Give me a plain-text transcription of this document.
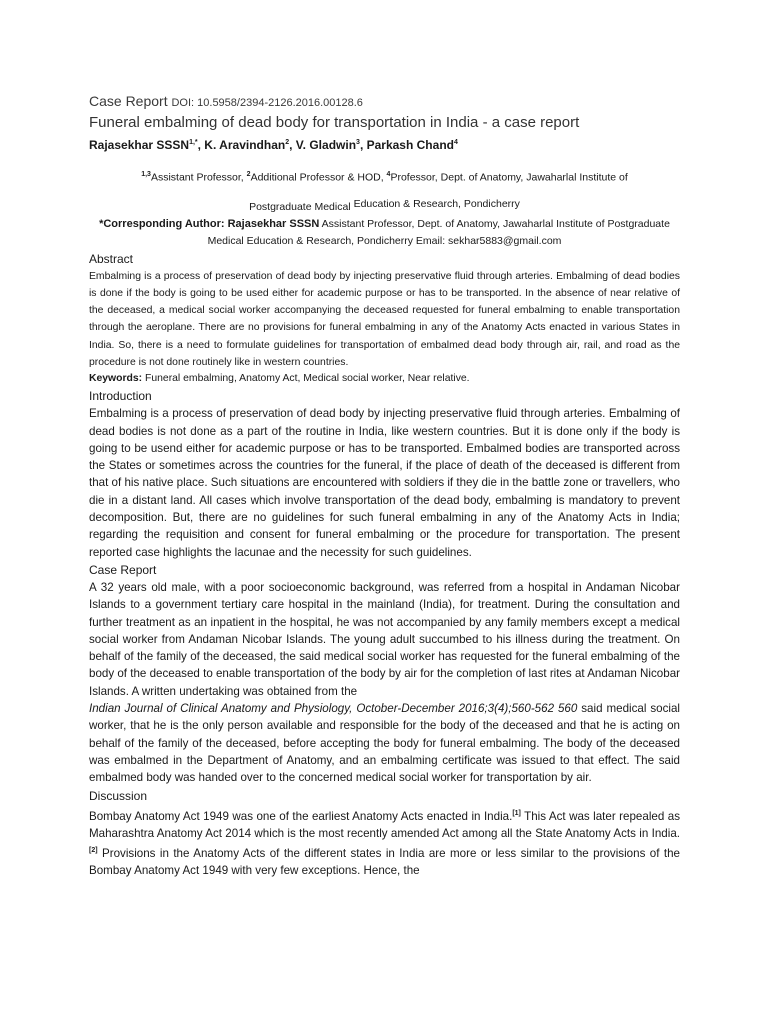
Case Report DOI: 10.5958/2394-2126.2016.00128.6
Funeral embalming of dead body for transportation in India - a case report
Rajasekhar $SSSN^{1,*}$, K. Aravindhan$^2$, V. Gladwin$^3$, Parkash Chand$^4$
$^{1,3}$Assistant Professor, $^2$Additional Professor & HOD, $^4$Professor, Dept. of Anatomy, Jawaharlal Institute of
Postgraduate Medical Education & Research, Pondicherry
*Corresponding Author: Rajasekhar SSSN Assistant Professor, Dept. of Anatomy, Jawaharlal Institute of Postgraduate Medical Education & Research, Pondicherry Email: sekhar5883@gmail.com
Abstract
Embalming is a process of preservation of dead body by injecting preservative fluid through arteries. Embalming of dead bodies is done if the body is going to be used either for academic purpose or has to be transported. In the absence of near relative of the deceased, a medical social worker accompanying the deceased requested for funeral embalming to enable transportation through the aeroplane. There are no provisions for funeral embalming in any of the Anatomy Acts enacted in various States in India. So, there is a need to formulate guidelines for transportation of embalmed dead body through air, rail, and road as the procedure is not done routinely like in western countries.
Keywords: Funeral embalming, Anatomy Act, Medical social worker, Near relative.
Introduction
Embalming is a process of preservation of dead body by injecting preservative fluid through arteries. Embalming of dead bodies is not done as a part of the routine in India, like western countries. But it is done only if the body is going to be usend either for academic purpose or has to be transported. Embalmed bodies are transported across the States or sometimes across the countries for the funeral, if the place of death of the deceased is different from that of his native place. Such situations are encountered with soldiers if they die in the battle zone or travellers, who die in a distant land. All cases which involve transportation of the dead body, embalming is mandatory to prevent decomposition. But, there are no guidelines for such funeral embalming in any of the Anatomy Acts in India; regarding the requisition and consent for funeral embalming or the procedure for transportation. The present reported case highlights the lacunae and the necessity for such guidelines.
Case Report
A 32 years old male, with a poor socioeconomic background, was referred from a hospital in Andaman Nicobar Islands to a government tertiary care hospital in the mainland (India), for treatment. During the consultation and further treatment as an inpatient in the hospital, he was not accompanied by any family members except a medical social worker from Andaman Nicobar Islands. The young adult succumbed to his illness during the treatment. On behalf of the family of the deceased, the said medical social worker has requested for the funeral embalming of the body of the deceased to enable transportation of the body by air for the completion of last rites at Andaman Nicobar Islands. A written undertaking was obtained from the
Indian Journal of Clinical Anatomy and Physiology, October-December 2016;3(4);560-562 560 said medical social worker, that he is the only person available and responsible for the body of the deceased and that he is acting on behalf of the family of the deceased, before accepting the body for funeral embalming. The body of the deceased was embalmed in the Department of Anatomy, and an embalming certificate was issued to that effect. The said embalmed body was handed over to the concerned medical social worker for transportation by air.
Discussion
Bombay Anatomy Act 1949 was one of the earliest Anatomy Acts enacted in India.[1] This Act was later repealed as Maharashtra Anatomy Act 2014 which is the most recently amended Act among all the State Anatomy Acts in India.[2] Provisions in the Anatomy Acts of the different states in India are more or less similar to the provisions of the Bombay Anatomy Act 1949 with very few exceptions. Hence, the
